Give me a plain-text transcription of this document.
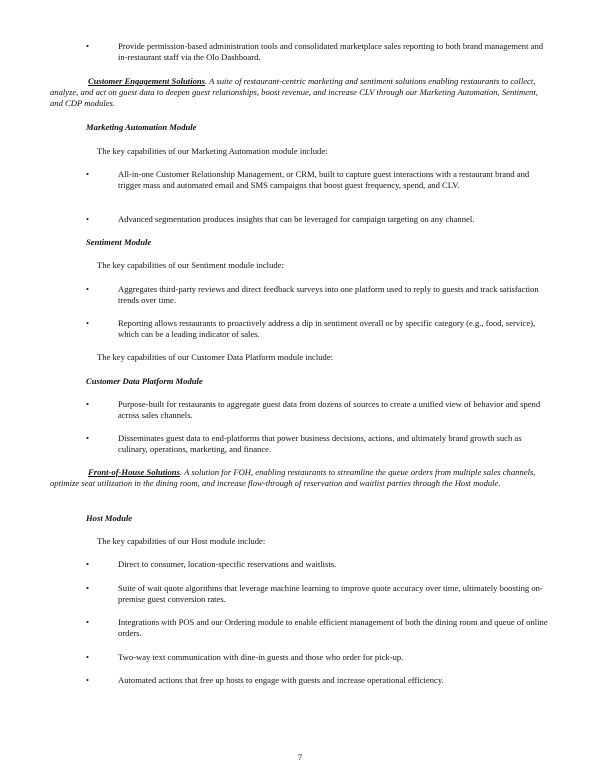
•	Provide permission-based administration tools and consolidated marketplace sales reporting to both brand management and in-restaurant staff via the Olo Dashboard.
Customer Engagement Solutions. A suite of restaurant-centric marketing and sentiment solutions enabling restaurants to collect, analyze, and act on guest data to deepen guest relationships, boost revenue, and increase CLV through our Marketing Automation, Sentiment, and CDP modules.
Marketing Automation Module
The key capabilities of our Marketing Automation module include:
•	All-in-one Customer Relationship Management, or CRM, built to capture guest interactions with a restaurant brand and trigger mass and automated email and SMS campaigns that boost guest frequency, spend, and CLV.
•	Advanced segmentation produces insights that can be leveraged for campaign targeting on any channel.
Sentiment Module
The key capabilities of our Sentiment module include:
•	Aggregates third-party reviews and direct feedback surveys into one platform used to reply to guests and track satisfaction trends over time.
•	Reporting allows restaurants to proactively address a dip in sentiment overall or by specific category (e.g., food, service), which can be a leading indicator of sales.
The key capabilities of our Customer Data Platform module include:
Customer Data Platform Module
•	Purpose-built for restaurants to aggregate guest data from dozens of sources to create a unified view of behavior and spend across sales channels.
•	Disseminates guest data to end-platforms that power business decisions, actions, and ultimately brand growth such as culinary, operations, marketing, and finance.
Front-of-House Solutions. A solution for FOH, enabling restaurants to streamline the queue orders from multiple sales channels, optimize seat utilization in the dining room, and increase flow-through of reservation and waitlist parties through the Host module.
Host Module
The key capabilities of our Host module include:
•	Direct to consumer, location-specific reservations and waitlists.
•	Suite of wait quote algorithms that leverage machine learning to improve quote accuracy over time, ultimately boosting on-premise guest conversion rates.
•	Integrations with POS and our Ordering module to enable efficient management of both the dining room and queue of online orders.
•	Two-way text communication with dine-in guests and those who order for pick-up.
•	Automated actions that free up hosts to engage with guests and increase operational efficiency.
7
